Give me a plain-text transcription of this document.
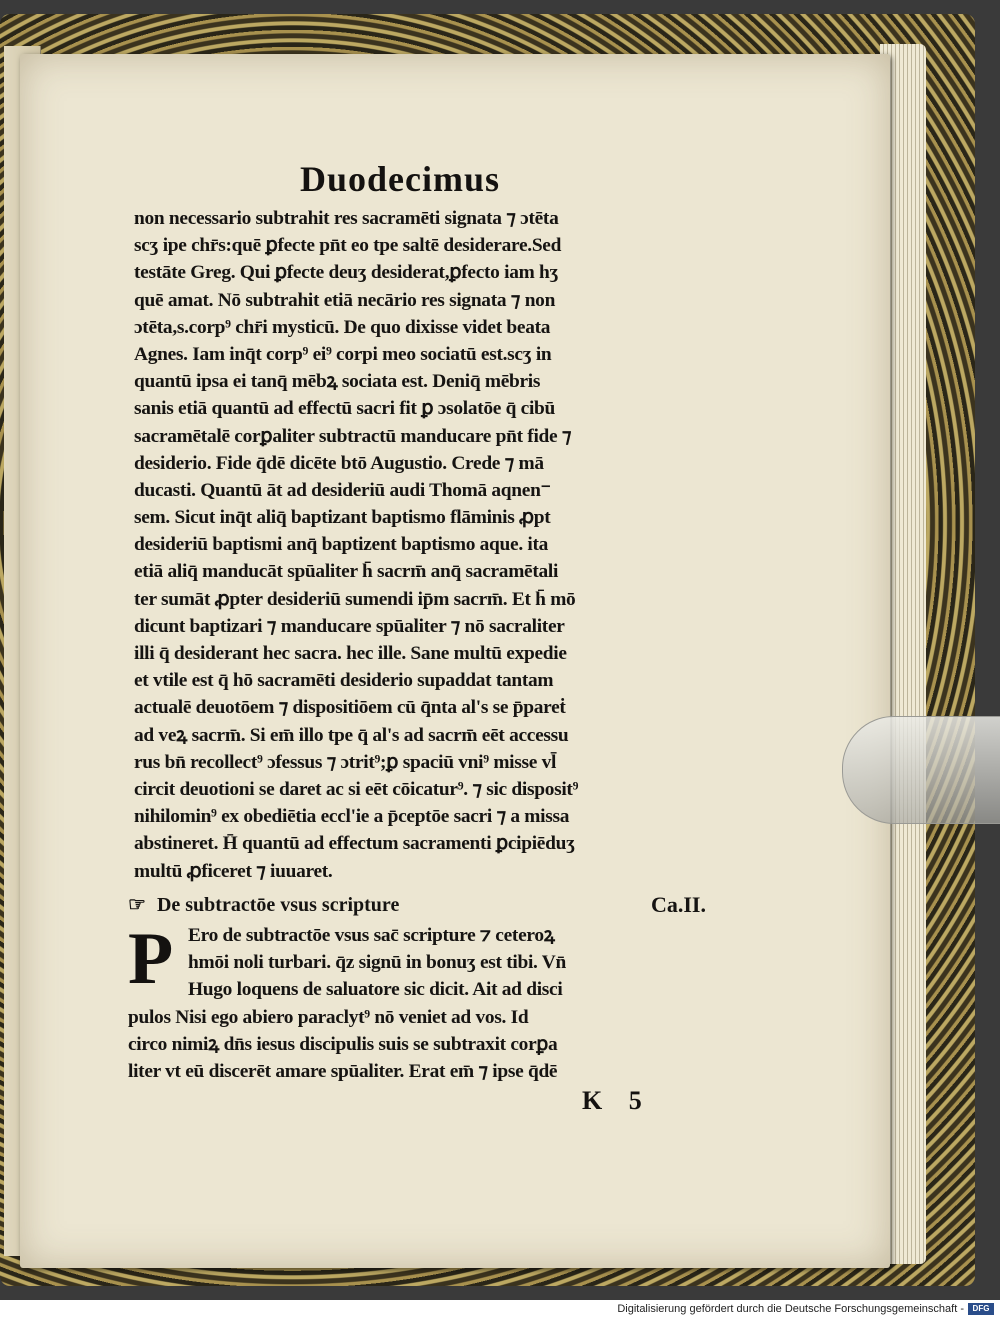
Duodecimus
non necessario subtrahit res sacramēti signata ⁊ ɔtēta
scʒ ipe chr̄s:quē ꝑfecte pn̄t eo tpe saltē desiderare.Sed
testāte Greg. Qui ꝑfecte deuʒ desiderat,ꝑfecto iam hʒ
quē amat. Nō subtrahit etiā necārio res signata ⁊ non
ɔtēta,s.corp⁹ chr̄i mysticū. De quo dixisse videt beata
Agnes. Iam inq̄t corp⁹ ei⁹ corpi meo sociatū est.scʒ in
quantū ipsa ei tanq̄ mēbꝝ sociata est. Deniq̄ mēbris
sanis etiā quantū ad effectū sacri fit ꝑ ɔsolatōe q̄ cibū
sacramētalē corꝑaliter subtractū manducare pn̄t fide ⁊
desiderio. Fide q̄dē dicēte btō Augustio. Crede ⁊ mā
ducasti. Quantū āt ad desideriū audi Thomā aqnen⁻
sem. Sicut inq̄t aliq̄ baptizant baptismo flāminis ꝓpt
desideriū baptismi anq̄ baptizent baptismo aque. ita
etiā aliq̄ manducāt spūaliter h̄ sacrm̄ anq̄ sacramētali
ter sumāt ꝓpter desideriū sumendi ip̄m sacrm̄. Et h̄ mō
dicunt baptizari ⁊ manducare spūaliter ⁊ nō sacraliter
illi q̄ desiderant hec sacra. hec ille. Sane multū expedie
et vtile est q̄ hō sacramēti desiderio supaddat tantam
actualē deuotōem ⁊ dispositiōem cū q̄nta al's se p̄pareṫ
ad veꝝ sacrm̄. Si em̄ illo tpe q̄ al's ad sacrm̄ eēt accessu
rus bn̄ recollect⁹ ɔfessus ⁊ ɔtrit⁹;ꝑ spaciū vni⁹ misse vl̄
circit deuotioni se daret ac si eēt cōicatur⁹. ⁊ sic disposit⁹
nihilomin⁹ ex obediētia eccl'ie a p̄ceptōe sacri ⁊ a missa
abstineret. H̄ quantū ad effectum sacramenti ꝑcipiēduʒ
multū ꝓficeret ⁊ iuuaret.
☞ De subtractōe vsus scripture	Ca.II.
P Ero de subtractōe vsus sac̄ scripture ⁊ ceteroꝝ
hmōi noli turbari. q̄z signū in bonuʒ est tibi. Vn̄
Hugo loquens de saluatore sic dicit. Ait ad disci
pulos Nisi ego abiero paraclyt⁹ nō veniet ad vos. Id
circo nimiꝝ dn̄s iesus discipulis suis se subtraxit corꝑa
liter vt eū discerēt amare spūaliter. Erat em̄ ⁊ ipse q̄dē
K 5
Digitalisierung gefördert durch die Deutsche Forschungsgemeinschaft -	DFG
